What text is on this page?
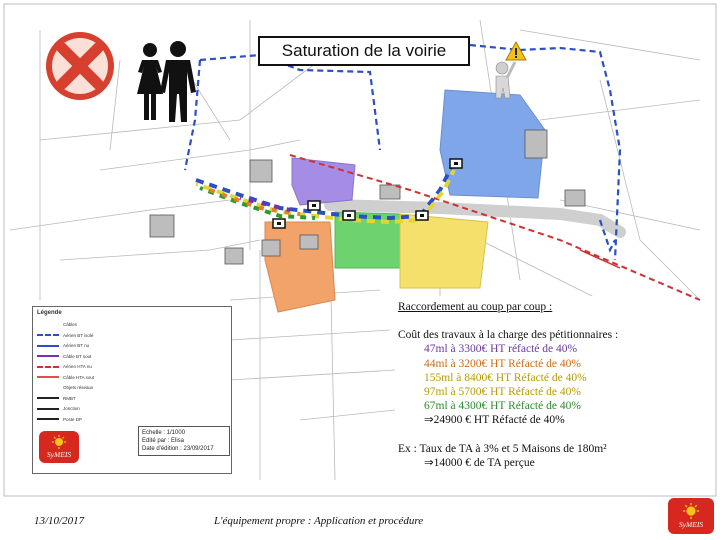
Saturation de la voirie
Légende
Câbles
Aérien BT isolé
Aérien BT nu
Câble BT sout
Aérien HTA nu
Câble HTA sout
Objets réseaux
RMBT
Jonction
Poste DP
SyMEIS
Echelle : 1/1000
Edité par : Elisa
Date d'édition : 23/09/2017
Raccordement au coup par coup :
Coût des travaux à la charge des pétitionnaires :
47ml à 3300€ HT réfacté de 40%
44ml à 3200€ HT Réfacté de 40%
155ml à 8400€ HT Réfacté de 40%
97ml à 5700€ HT Réfacté de 40%
67ml à 4300€ HT Réfacté de 40%
⇒24900 € HT Réfacté de 40%
Ex : Taux de TA à 3% et 5 Maisons de 180m²
⇒14000 € de TA perçue
13/10/2017	L'équipement propre : Application et procédure	SyMEIS
